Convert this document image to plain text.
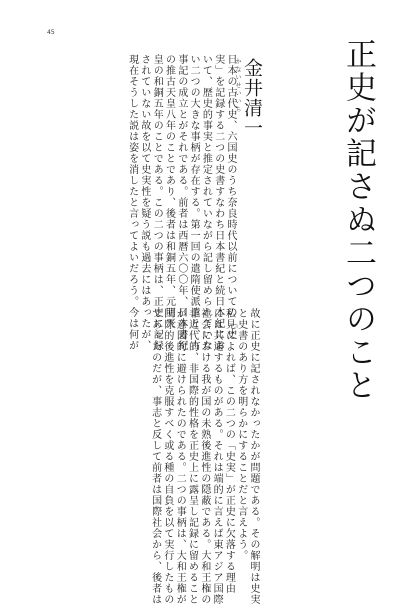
45
正史が記さぬ二つのこと
かないせいいち 金井清一
日本の古代史、六国史のうち奈良時代以前についての「史
実」を記録する二つの史書すなわち日本書紀と続日本紀にお
いて、歴史的事実と推定されていながら記し留められていな
い二つの大きな事柄が存在する。第一回の遣隋使派遣と、古
事記の成立とがそれである。前者は西暦六〇〇年、日本書紀
の推古天皇八年のことであり、後者は和銅五年、元明天
皇の和銅五年のことである。この二つの事柄は、正史に記録
されていない故を以て史実性を疑う説も過去にはあったが、
現在そうした説は姿を消したと言ってよいだろう。今は何が
故に正史に記されなかったかが問題である。その解明は史実
と史書のあり方を明らかにすることだと言えよう。
私見によれば、この二つの「史実」が正史に欠落する理由
には共通するものがある。それは端的に言えば東アジア国際
社会における我が国の未熟後進性の隠蔽である。大和王権の
非近代的、非国際的性格を正史上に露呈し記録に留めること
が意図的に避けられたのである。二つの事柄は、大和王権が
国際的後進性を克服すべく或る種の自負を以て実行したもの
であったのだが、事志と反して前者は国際社会から、後者は
